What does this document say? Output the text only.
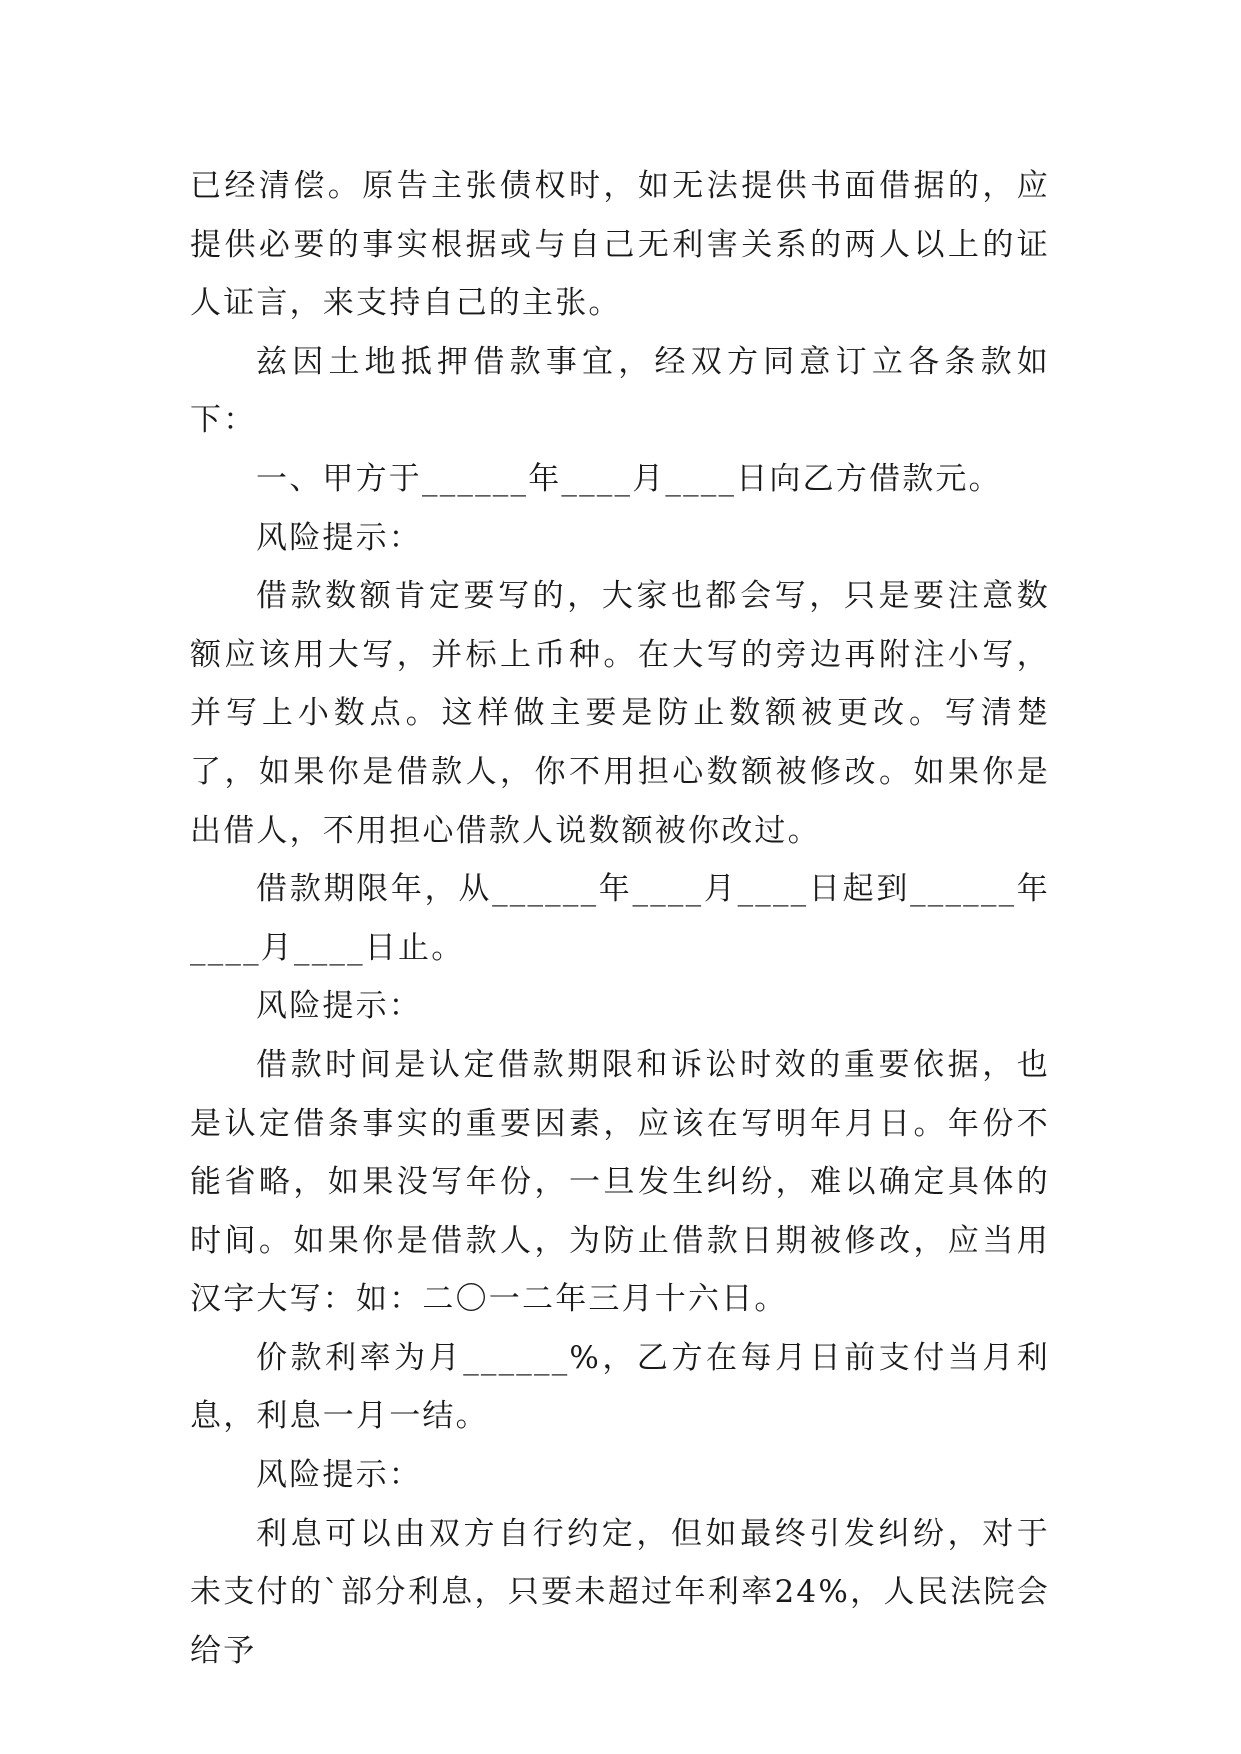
已经清偿。原告主张债权时，如无法提供书面借据的，应提供必要的事实根据或与自己无利害关系的两人以上的证人证言，来支持自己的主张。

兹因土地抵押借款事宜，经双方同意订立各条款如下：

一、甲方于______年____月____日向乙方借款元。

风险提示：

借款数额肯定要写的，大家也都会写，只是要注意数额应该用大写，并标上币种。在大写的旁边再附注小写，并写上小数点。这样做主要是防止数额被更改。写清楚了，如果你是借款人，你不用担心数额被修改。如果你是出借人，不用担心借款人说数额被你改过。

借款期限年，从______年____月____日起到______年____月____日止。

风险提示：

借款时间是认定借款期限和诉讼时效的重要依据，也是认定借条事实的重要因素，应该在写明年月日。年份不能省略，如果没写年份，一旦发生纠纷，难以确定具体的时间。如果你是借款人，为防止借款日期被修改，应当用汉字大写：如：二〇一二年三月十六日。

价款利率为月______%，乙方在每月日前支付当月利息，利息一月一结。

风险提示：

利息可以由双方自行约定，但如最终引发纠纷，对于未支付的`部分利息，只要未超过年利率24%，人民法院会给予
